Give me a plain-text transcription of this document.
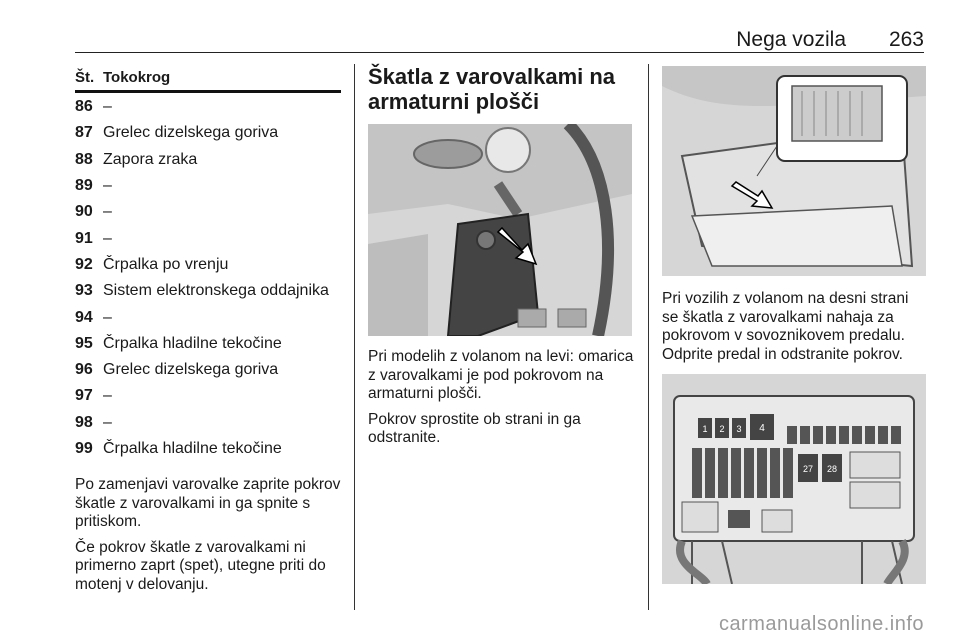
Nega vozila 263
Št. Tokokrog
86 –
87 Grelec dizelskega goriva
88 Zapora zraka
89 –
90 –
91 –
92 Črpalka po vrenju
93 Sistem elektronskega oddajnika
94 –
95 Črpalka hladilne tekočine
96 Grelec dizelskega goriva
97 –
98 –
99 Črpalka hladilne tekočine

Po zamenjavi varovalke zaprite pokrov škatle z varovalkami in ga spnite s pritiskom.

Če pokrov škatle z varovalkami ni primerno zaprt (spet), utegne priti do motenj v delovanju.

Škatla z varovalkami na armaturni plošči

Pri modelih z volanom na levi: omarica z varovalkami je pod pokrovom na armaturni plošči.

Pokrov sprostite ob strani in ga odstranite.

Pri vozilih z volanom na desni strani se škatla z varovalkami nahaja za pokrovom v sovoznikovem predalu. Odprite predal in odstranite pokrov.

1 2 3 4
27 28
carmanualsonline.info
